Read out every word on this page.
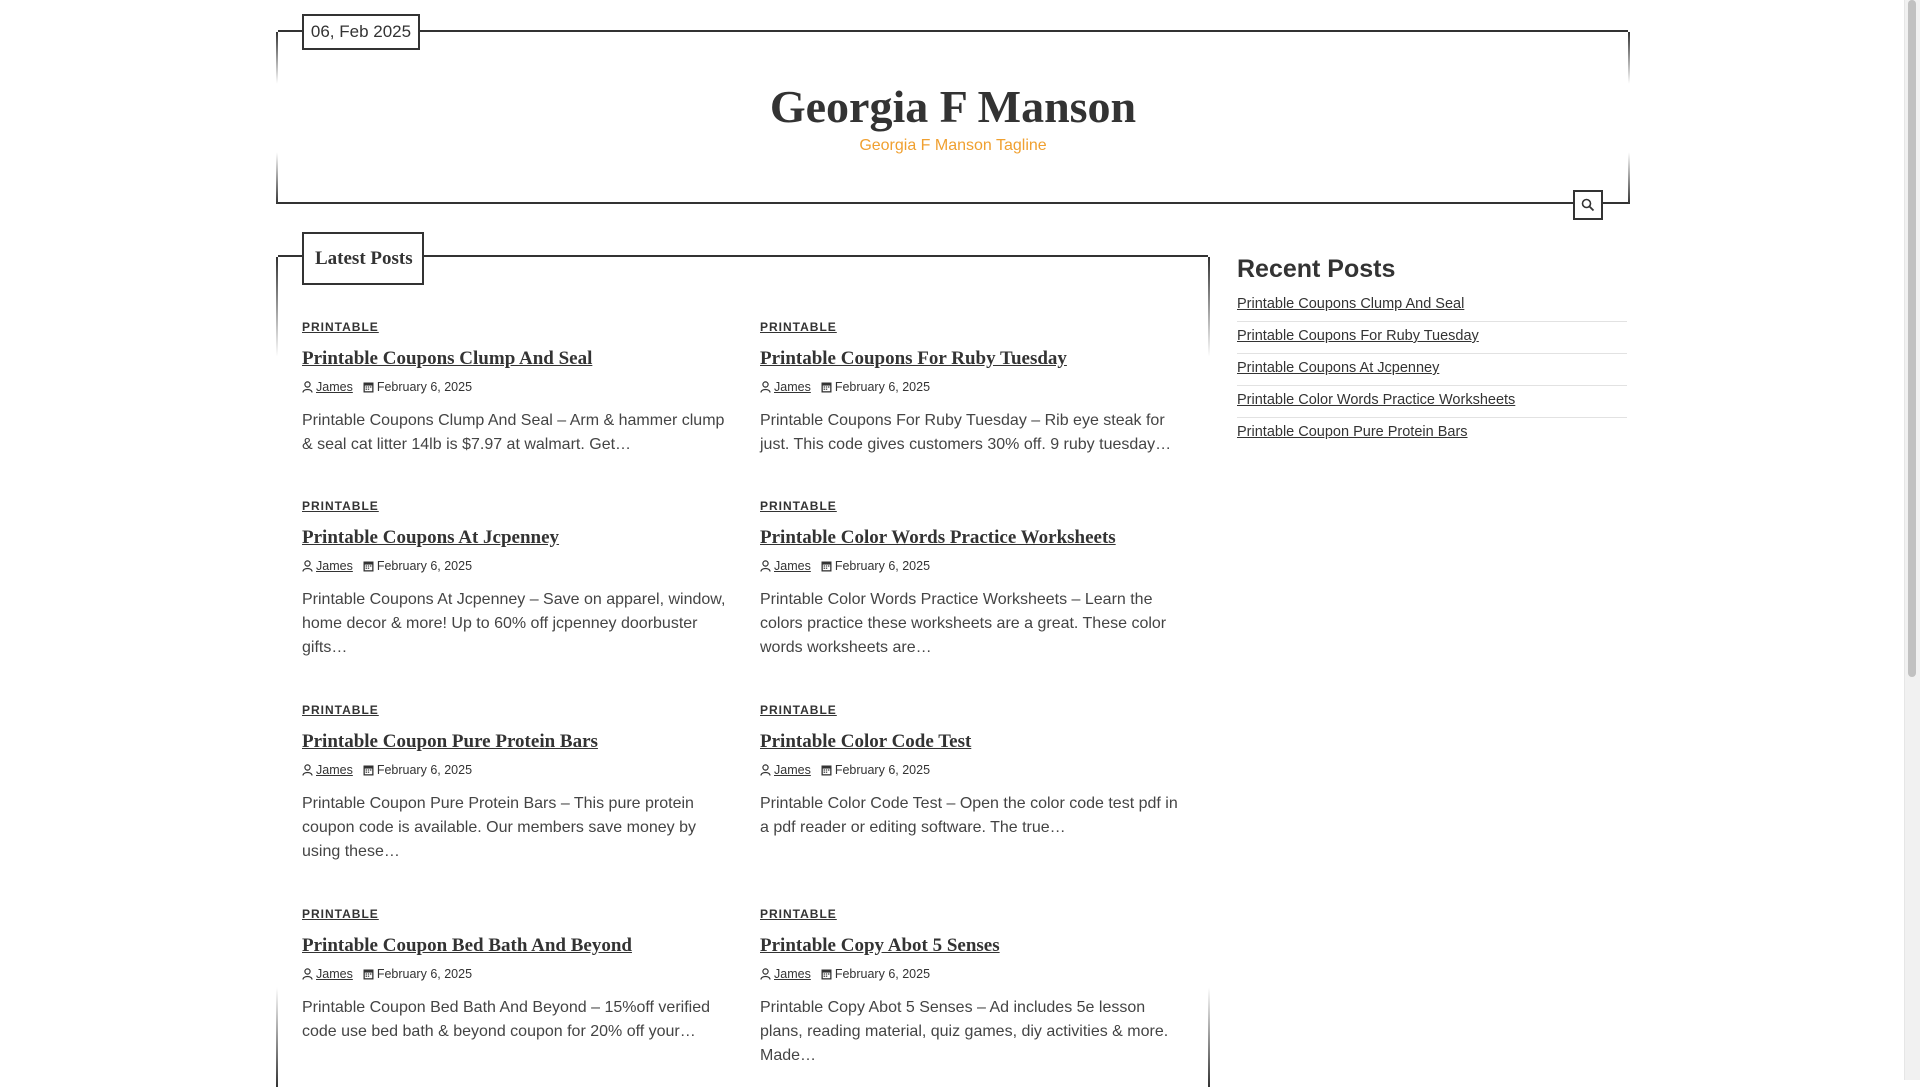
06, Feb 2025
Georgia F Manson
Georgia F Manson Tagline
Latest Posts
PRINTABLE
Printable Coupons Clump And Seal
James February 6, 2025
Printable Coupons Clump And Seal – Arm & hammer clump & seal cat litter 14lb is $7.97 at walmart. Get…
PRINTABLE
Printable Coupons For Ruby Tuesday
James February 6, 2025
Printable Coupons For Ruby Tuesday – Rib eye steak for just. This code gives customers 30% off. 9 ruby tuesday…
PRINTABLE
Printable Coupons At Jcpenney
James February 6, 2025
Printable Coupons At Jcpenney – Save on apparel, window, home decor & more! Up to 60% off jcpenney doorbuster gifts…
PRINTABLE
Printable Color Words Practice Worksheets
James February 6, 2025
Printable Color Words Practice Worksheets – Learn the colors practice these worksheets are a great. These color words worksheets are…
PRINTABLE
Printable Coupon Pure Protein Bars
James February 6, 2025
Printable Coupon Pure Protein Bars – This pure protein coupon code is available. Our members save money by using these…
PRINTABLE
Printable Color Code Test
James February 6, 2025
Printable Color Code Test – Open the color code test pdf in a pdf reader or editing software. The true…
PRINTABLE
Printable Coupon Bed Bath And Beyond
James February 6, 2025
Printable Coupon Bed Bath And Beyond – 15%off verified code use bed bath & beyond coupon for 20% off your…
PRINTABLE
Printable Copy Abot 5 Senses
James February 6, 2025
Printable Copy Abot 5 Senses – Ad includes 5e lesson plans, reading material, quiz games, diy activities & more. Made…
Recent Posts
Printable Coupons Clump And Seal
Printable Coupons For Ruby Tuesday
Printable Coupons At Jcpenney
Printable Color Words Practice Worksheets
Printable Coupon Pure Protein Bars
